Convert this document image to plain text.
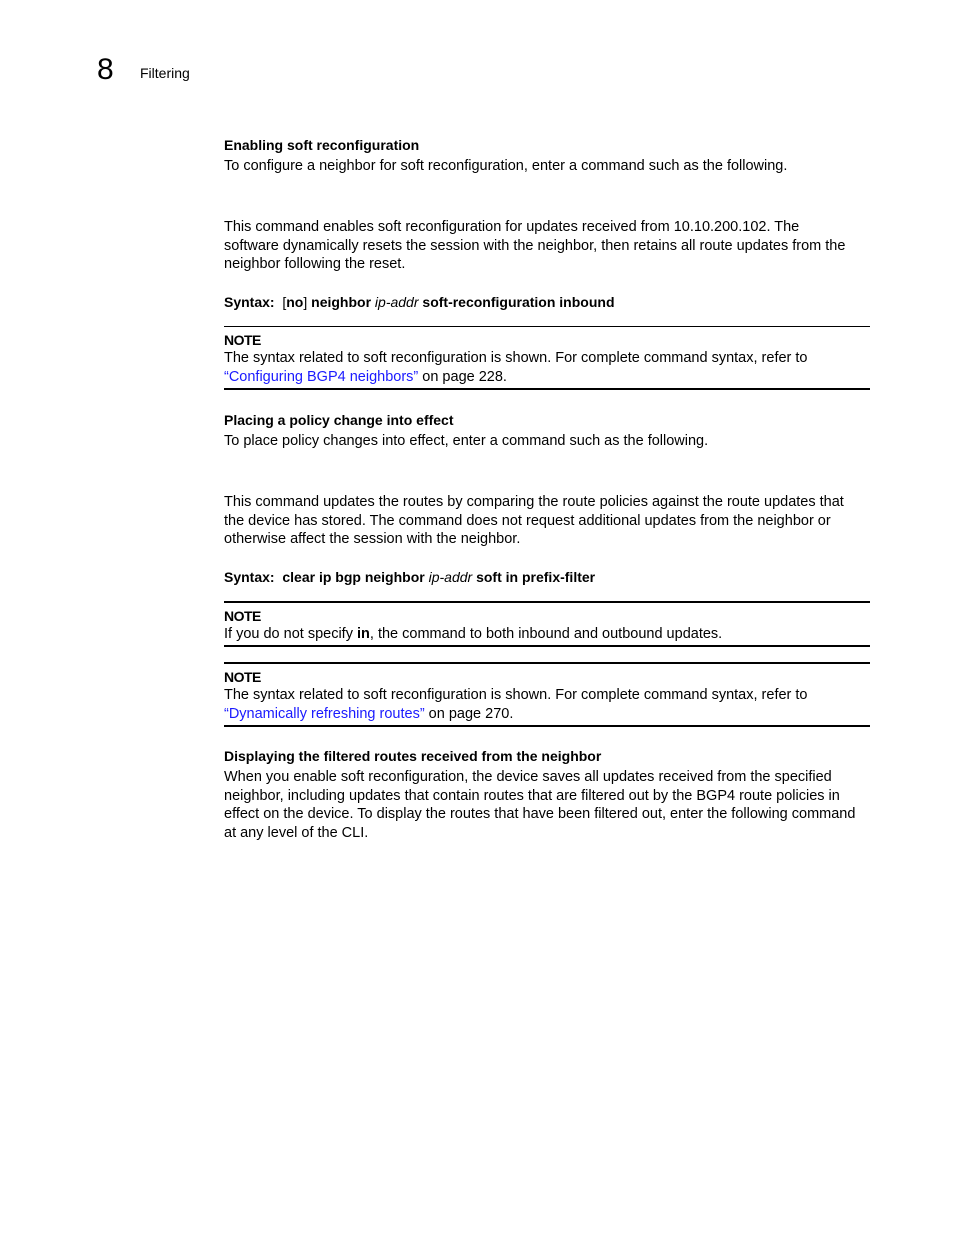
8 Filtering
Enabling soft reconfiguration
To configure a neighbor for soft reconfiguration, enter a command such as the following.
This command enables soft reconfiguration for updates received from 10.10.200.102. The
software dynamically resets the session with the neighbor, then retains all route updates from the
neighbor following the reset.
Syntax: [no] neighbor ip-addr soft-reconfiguration inbound
NOTE
The syntax related to soft reconfiguration is shown. For complete command syntax, refer to
“Configuring BGP4 neighbors” on page 228.
Placing a policy change into effect
To place policy changes into effect, enter a command such as the following.
This command updates the routes by comparing the route policies against the route updates that
the device has stored. The command does not request additional updates from the neighbor or
otherwise affect the session with the neighbor.
Syntax: clear ip bgp neighbor ip-addr soft in prefix-filter
NOTE
If you do not specify in, the command to both inbound and outbound updates.
NOTE
The syntax related to soft reconfiguration is shown. For complete command syntax, refer to
“Dynamically refreshing routes” on page 270.
Displaying the filtered routes received from the neighbor
When you enable soft reconfiguration, the device saves all updates received from the specified
neighbor, including updates that contain routes that are filtered out by the BGP4 route policies in
effect on the device. To display the routes that have been filtered out, enter the following command
at any level of the CLI.
